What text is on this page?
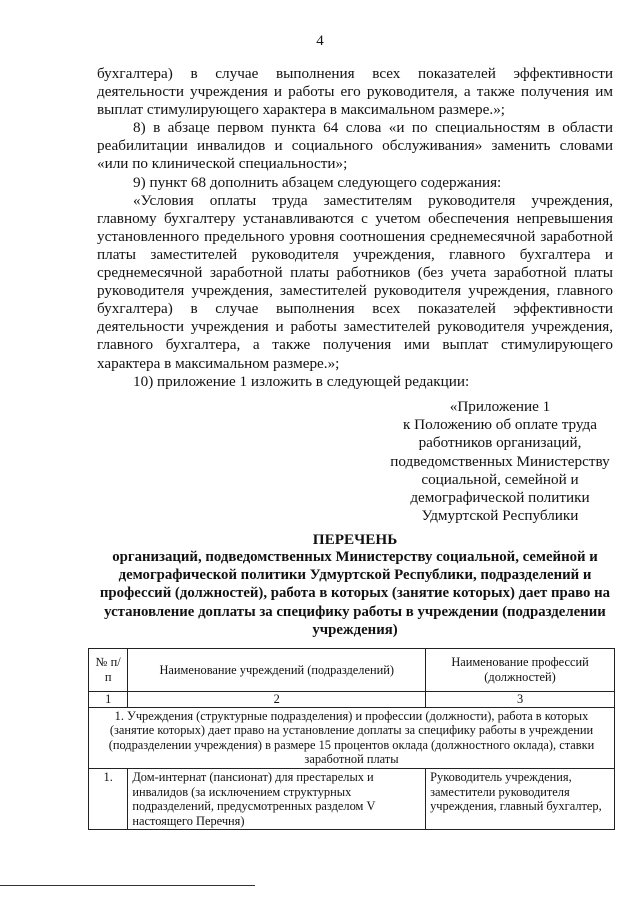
4

бухгалтера) в случае выполнения всех показателей эффективности деятельности учреждения и работы его руководителя, а также получения им выплат стимулирующего характера в максимальном размере.»;

8) в абзаце первом пункта 64 слова «и по специальностям в области реабилитации инвалидов и социального обслуживания» заменить словами «или по клинической специальности»;

9) пункт 68 дополнить абзацем следующего содержания:

«Условия оплаты труда заместителям руководителя учреждения, главному бухгалтеру устанавливаются с учетом обеспечения непревышения установленного предельного уровня соотношения среднемесячной заработной платы заместителей руководителя учреждения, главного бухгалтера и среднемесячной заработной платы работников (без учета заработной платы руководителя учреждения, заместителей руководителя учреждения, главного бухгалтера) в случае выполнения всех показателей эффективности деятельности учреждения и работы заместителей руководителя учреждения, главного бухгалтера, а также получения ими выплат стимулирующего характера в максимальном размере.»;

10) приложение 1 изложить в следующей редакции:

«Приложение 1
к Положению об оплате труда
работников организаций,
подведомственных Министерству
социальной, семейной и
демографической политики
Удмуртской Республики
ПЕРЕЧЕНЬ
организаций, подведомственных Министерству социальной, семейной и демографической политики Удмуртской Республики, подразделений и профессий (должностей), работа в которых (занятие которых) дает право на установление доплаты за специфику работы в учреждении (подразделении учреждения)
№ п/п	Наименование учреждений (подразделений)	Наименование профессий (должностей)
1	2	3
1. Учреждения (структурные подразделения) и профессии (должности), работа в которых (занятие которых) дает право на установление доплаты за специфику работы в учреждении (подразделении учреждения) в размере 15 процентов оклада (должностного оклада), ставки заработной платы		
1.	Дом-интернат (пансионат) для престарелых и инвалидов (за исключением структурных подразделений, предусмотренных разделом V настоящего Перечня)	Руководитель учреждения, заместители руководителя учреждения, главный бухгалтер,
